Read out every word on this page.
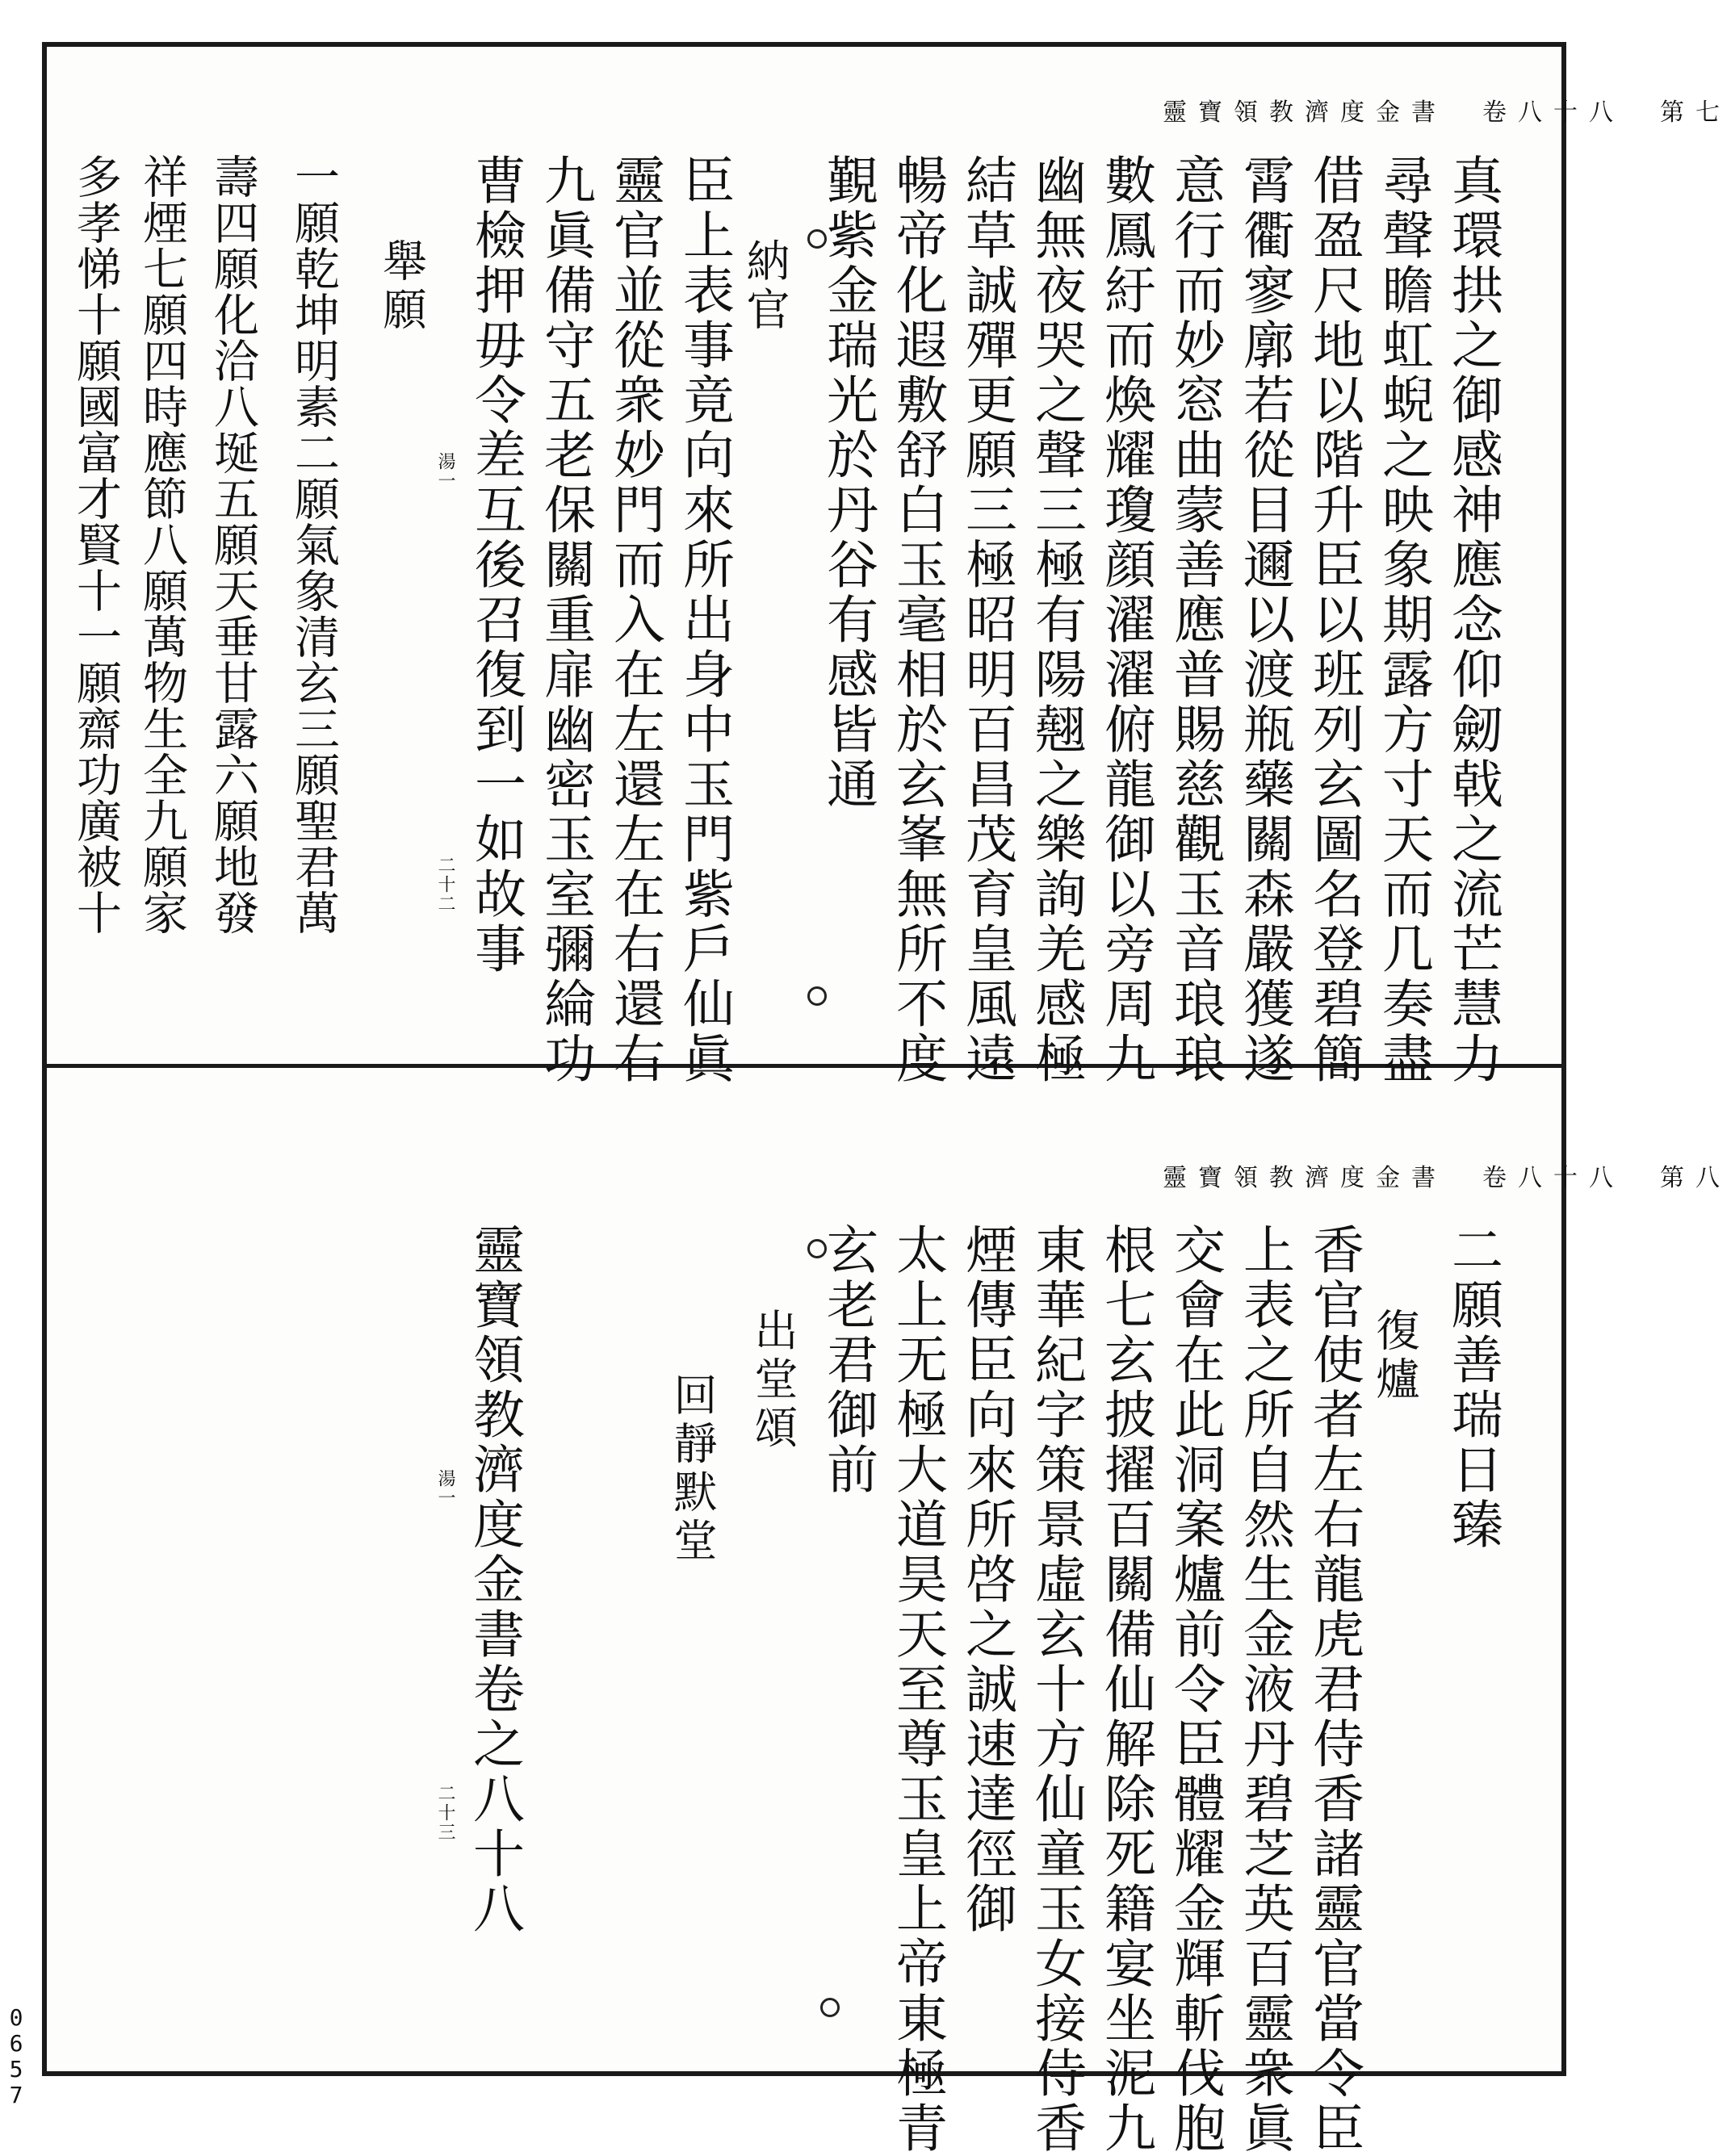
靈寶領教濟度金書　卷八十八　第七
真環拱之御感神應念仰劒戟之流芒慧力
尋聲瞻虹蜺之映象期露方寸天而几奏盡
借盈尺地以階升臣以班列玄圖名登碧簡
霄衢寥廓若從目邇以渡瓶藥關森嚴獲遂
意行而妙窓曲蒙善應普賜慈觀玉音琅琅
數鳳紆而煥耀瓊顔濯濯俯龍御以旁周九
幽無夜哭之聲三極有陽翹之樂詢羌感極
結草誠殫更願三極昭明百昌茂育皇風遠
暢帝化遐敷舒白玉毫相於玄峯無所不度
覲紫金瑞光於丹谷有感皆通
納官
臣上表事竟向來所出身中玉門紫戶仙眞
靈官並從衆妙門而入在左還左在右還右
九眞備守五老保關重扉幽密玉室彌綸功
曹檢押毋令差互後召復到一如故事
舉願
一願乾坤明素二願氣象清玄三願聖君萬	湯一
二十二
靈寶領教濟度金書　卷八十八　第八
二願善瑞日臻
復爐
香官使者左右龍虎君侍香諸靈官當令臣
上表之所自然生金液丹碧芝英百靈衆眞
交會在此洞案爐前令臣體耀金輝斬伐胞
根七玄披擢百關備仙解除死籍宴坐泥九
東華紀字策景虛玄十方仙童玉女接侍香
煙傳臣向來所啓之誠速達徑御
太上无極大道昊天至尊玉皇上帝東極青
玄老君御前
出堂頌
回靜默堂
靈寶領教濟度金書卷之八十八
湯一
二十三
0657
壽四願化洽八埏五願天垂甘露六願地發
祥煙七願四時應節八願萬物生全九願家
多孝悌十願國富才賢十一願齋功廣被十
